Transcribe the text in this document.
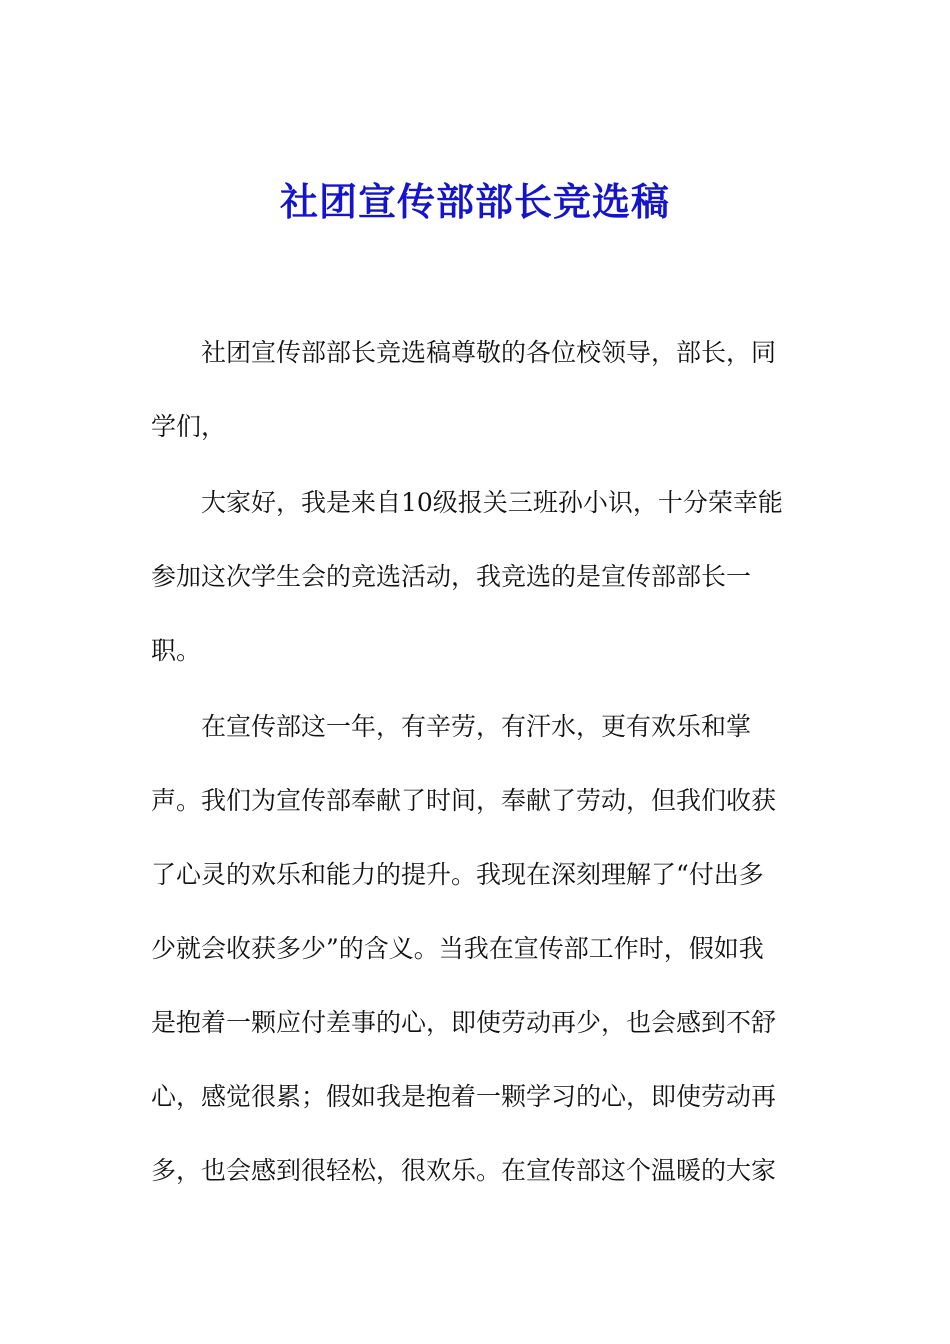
社团宣传部部长竞选稿
社团宣传部部长竞选稿尊敬的各位校领导，部长，同
学们，
大家好，我是来自10级报关三班孙小识，十分荣幸能
参加这次学生会的竞选活动，我竞选的是宣传部部长一
职。
在宣传部这一年，有辛劳，有汗水，更有欢乐和掌
声。我们为宣传部奉献了时间，奉献了劳动，但我们收获
了心灵的欢乐和能力的提升。我现在深刻理解了“付出多
少就会收获多少”的含义。当我在宣传部工作时，假如我
是抱着一颗应付差事的心，即使劳动再少，也会感到不舒
心，感觉很累；假如我是抱着一颗学习的心，即使劳动再
多，也会感到很轻松，很欢乐。在宣传部这个温暖的大家
